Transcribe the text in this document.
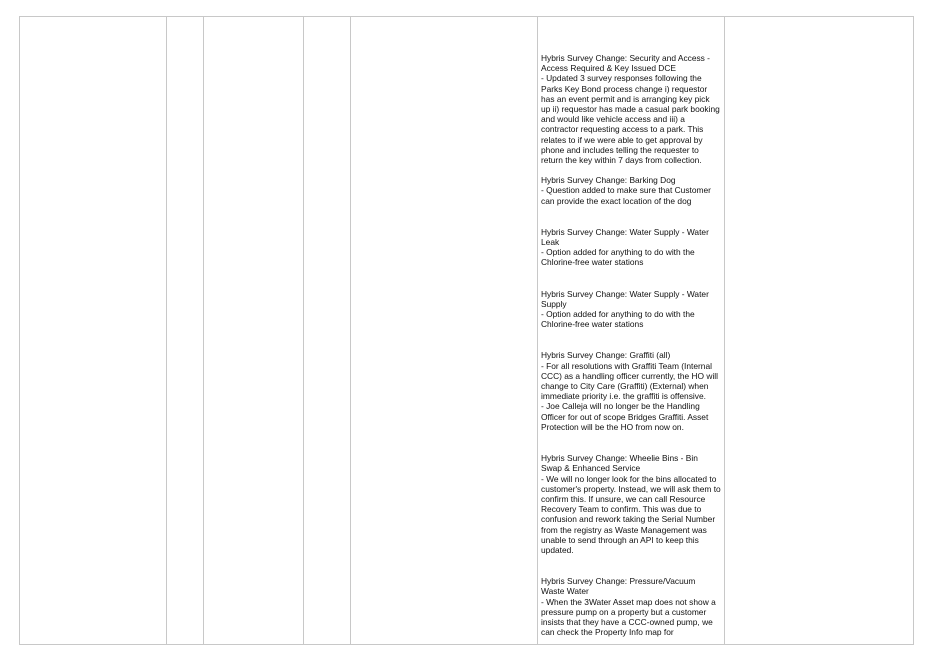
Hybris Survey Change: Security and Access - Access Required & Key Issued DCE
- Updated 3 survey responses following the Parks Key Bond process change i) requestor has an event permit and is arranging key pick up ii) requestor has made a casual park booking and would like vehicle access and iii) a contractor requesting access to a park. This relates to if we were able to get approval by phone and includes telling the requester to return the key within 7 days from collection.
Hybris Survey Change: Barking Dog
- Question added to make sure that Customer can provide the exact location of the dog
Hybris Survey Change: Water Supply - Water Leak
- Option added for anything to do with the Chlorine-free water stations
Hybris Survey Change: Water Supply - Water Supply
- Option added for anything to do with the Chlorine-free water stations
Hybris Survey Change: Graffiti (all)
- For all resolutions with Graffiti Team (Internal CCC) as a handling officer currently, the HO will change to City Care (Graffiti) (External) when immediate priority i.e. the graffiti is offensive.
- Joe Calleja will no longer be the Handling Officer for out of scope Bridges Graffiti. Asset Protection will be the HO from now on.
Hybris Survey Change: Wheelie Bins - Bin Swap & Enhanced Service
- We will no longer look for the bins allocated to customer's property. Instead, we will ask them to confirm this. If unsure, we can call Resource Recovery Team to confirm. This was due to confusion and rework taking the Serial Number from the registry as Waste Management was unable to send through an API to keep this updated.
Hybris Survey Change: Pressure/Vacuum Waste Water
- When the 3Water Asset map does not show a pressure pump on a property but a customer insists that they have a CCC-owned pump, we can check the Property Info map for
